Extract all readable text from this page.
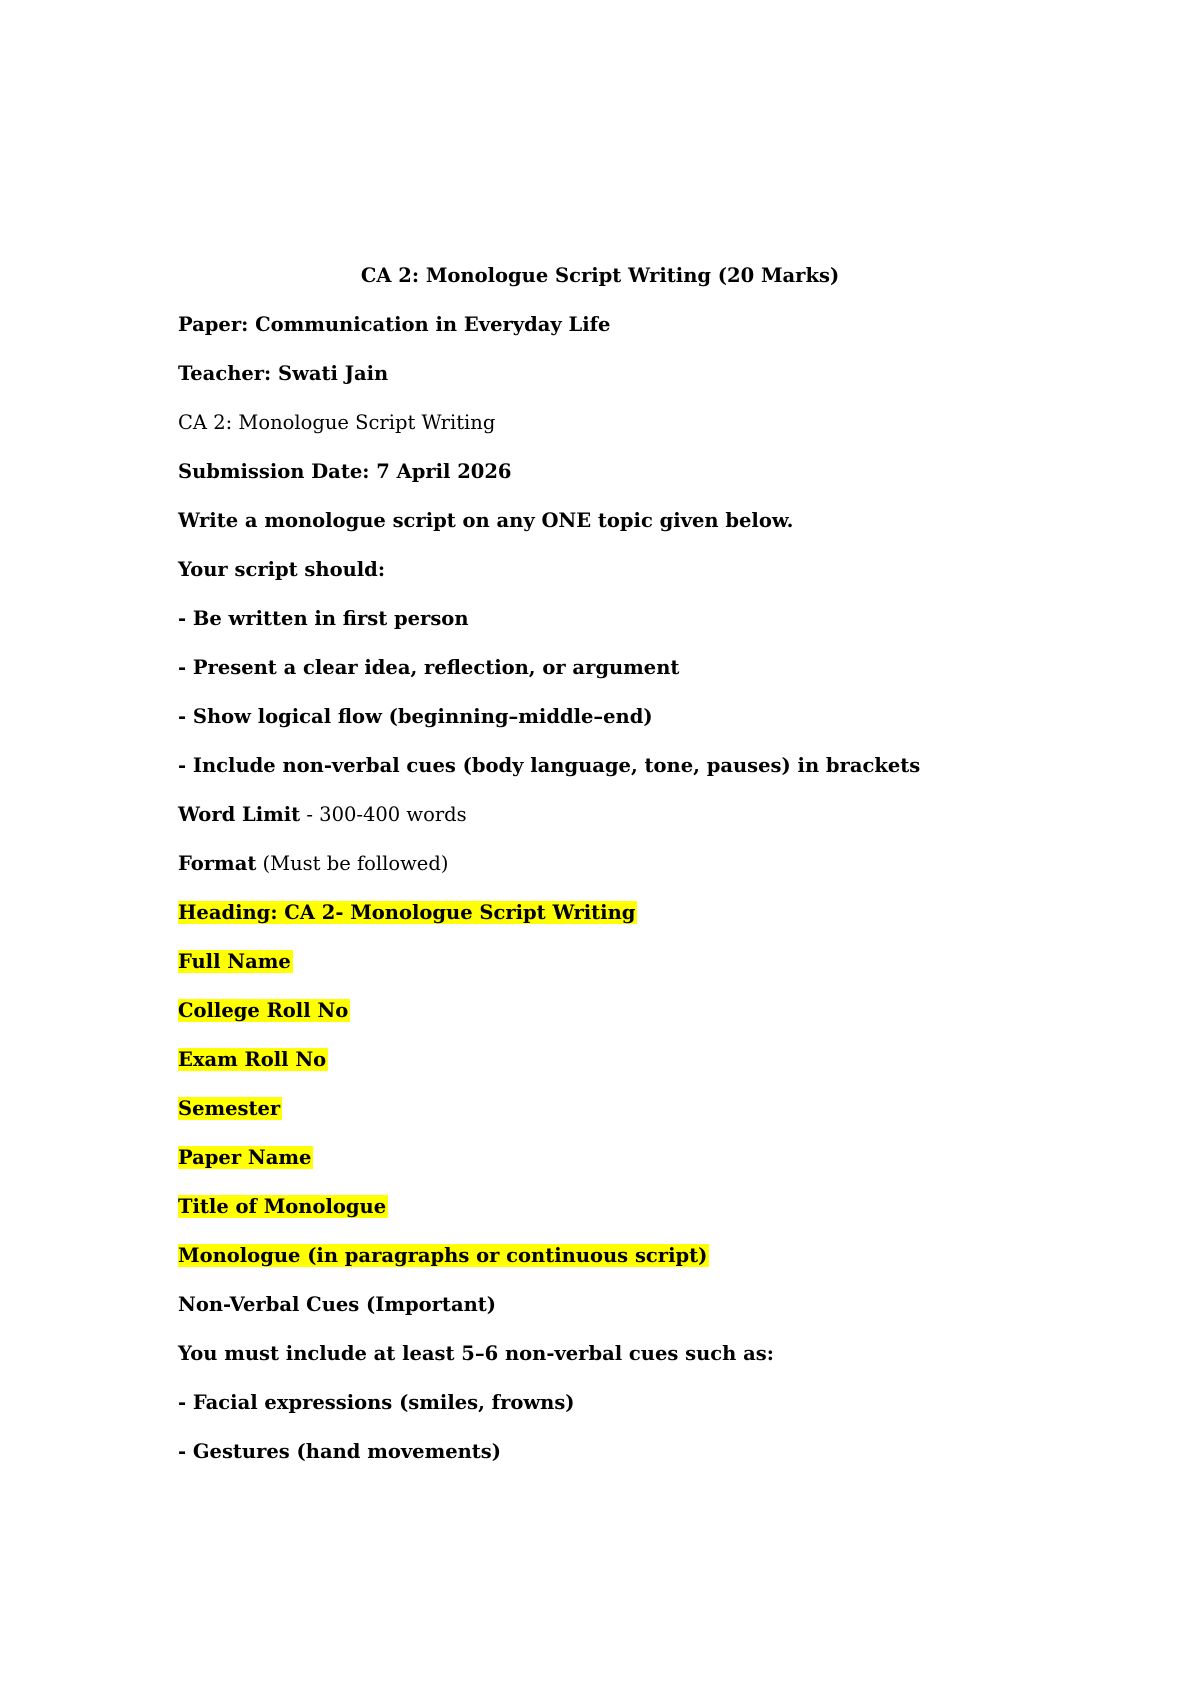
CA 2: Monologue Script Writing (20 Marks)

Paper: Communication in Everyday Life

Teacher: Swati Jain

CA 2: Monologue Script Writing

Submission Date: 7 April 2026

Write a monologue script on any ONE topic given below.

Your script should:

- Be written in first person

- Present a clear idea, reflection, or argument

- Show logical flow (beginning–middle–end)

- Include non-verbal cues (body language, tone, pauses) in brackets

Word Limit - 300-400 words

Format (Must be followed)

Heading: CA 2- Monologue Script Writing

Full Name

College Roll No

Exam Roll No

Semester

Paper Name

Title of Monologue

Monologue (in paragraphs or continuous script)

Non-Verbal Cues (Important)

You must include at least 5–6 non-verbal cues such as:

- Facial expressions (smiles, frowns)

- Gestures (hand movements)
